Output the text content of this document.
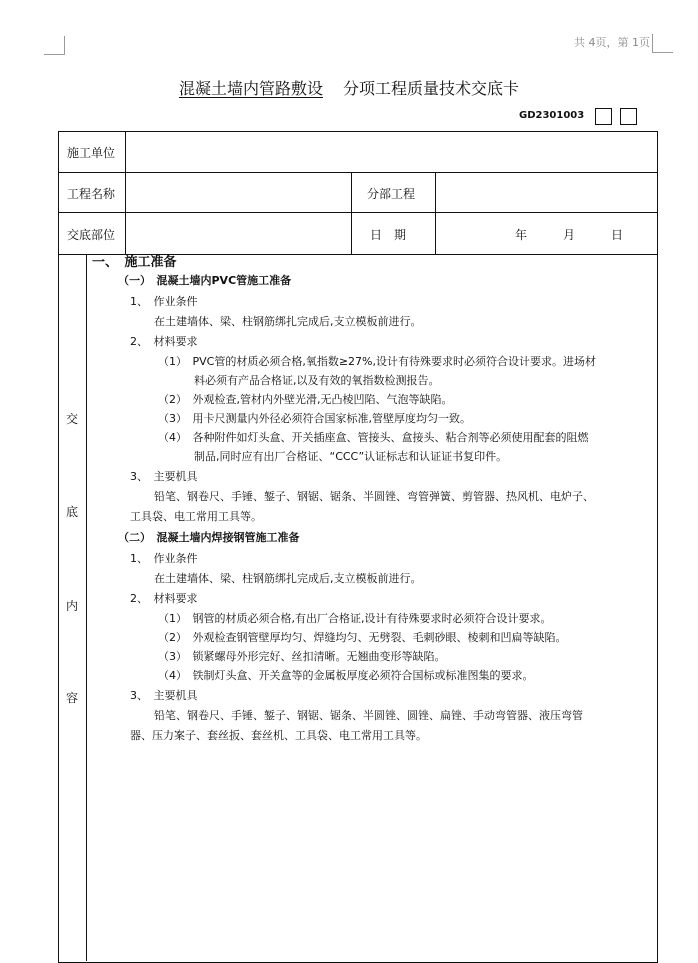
共 4页，第 1页
混凝土墙内管路敷设 分项工程质量技术交底卡
GD2301003
施工单位
工程名称	分部工程
交底部位	日　期	年	月	日
交
底
内
容
一、　施工准备
（一）　混凝土墙内PVC管施工准备
1、　作业条件
在土建墙体、梁、柱钢筋绑扎完成后,支立模板前进行。
2、　材料要求
（1）　PVC管的材质必须合格,氧指数≥27%,设计有待殊要求时必须符合设计要求。进场材
料必须有产品合格证,以及有效的氧指数检测报告。
（2）　外观检查,管材内外壁光滑,无凸棱凹陷、气泡等缺陷。
（3）　用卡尺测量内外径必须符合国家标准,管壁厚度均匀一致。
（4）　各种附件如灯头盒、开关插座盒、管接头、盒接头、粘合剂等必须使用配套的阻燃
制品,同时应有出厂合格证、“CCC”认证标志和认证证书复印件。
3、　主要机具
铅笔、钢卷尺、手锤、錾子、钢锯、锯条、半圆锉、弯管弹簧、剪管器、热风机、电炉子、
工具袋、电工常用工具等。
（二）　混凝土墙内焊接钢管施工准备
1、　作业条件
在土建墙体、梁、柱钢筋绑扎完成后,支立模板前进行。
2、　材料要求
（1）　钢管的材质必须合格,有出厂合格证,设计有待殊要求时必须符合设计要求。
（2）　外观检查钢管壁厚均匀、焊缝均匀、无劈裂、毛刺砂眼、棱刺和凹扁等缺陷。
（3）　锁紧螺母外形完好、丝扣清晰。无翘曲变形等缺陷。
（4）　铁制灯头盒、开关盒等的金属板厚度必须符合国标或标准图集的要求。
3、　主要机具
铅笔、钢卷尺、手锤、錾子、钢锯、锯条、半圆锉、圆锉、扁锉、手动弯管器、液压弯管
器、压力案子、套丝扳、套丝机、工具袋、电工常用工具等。
